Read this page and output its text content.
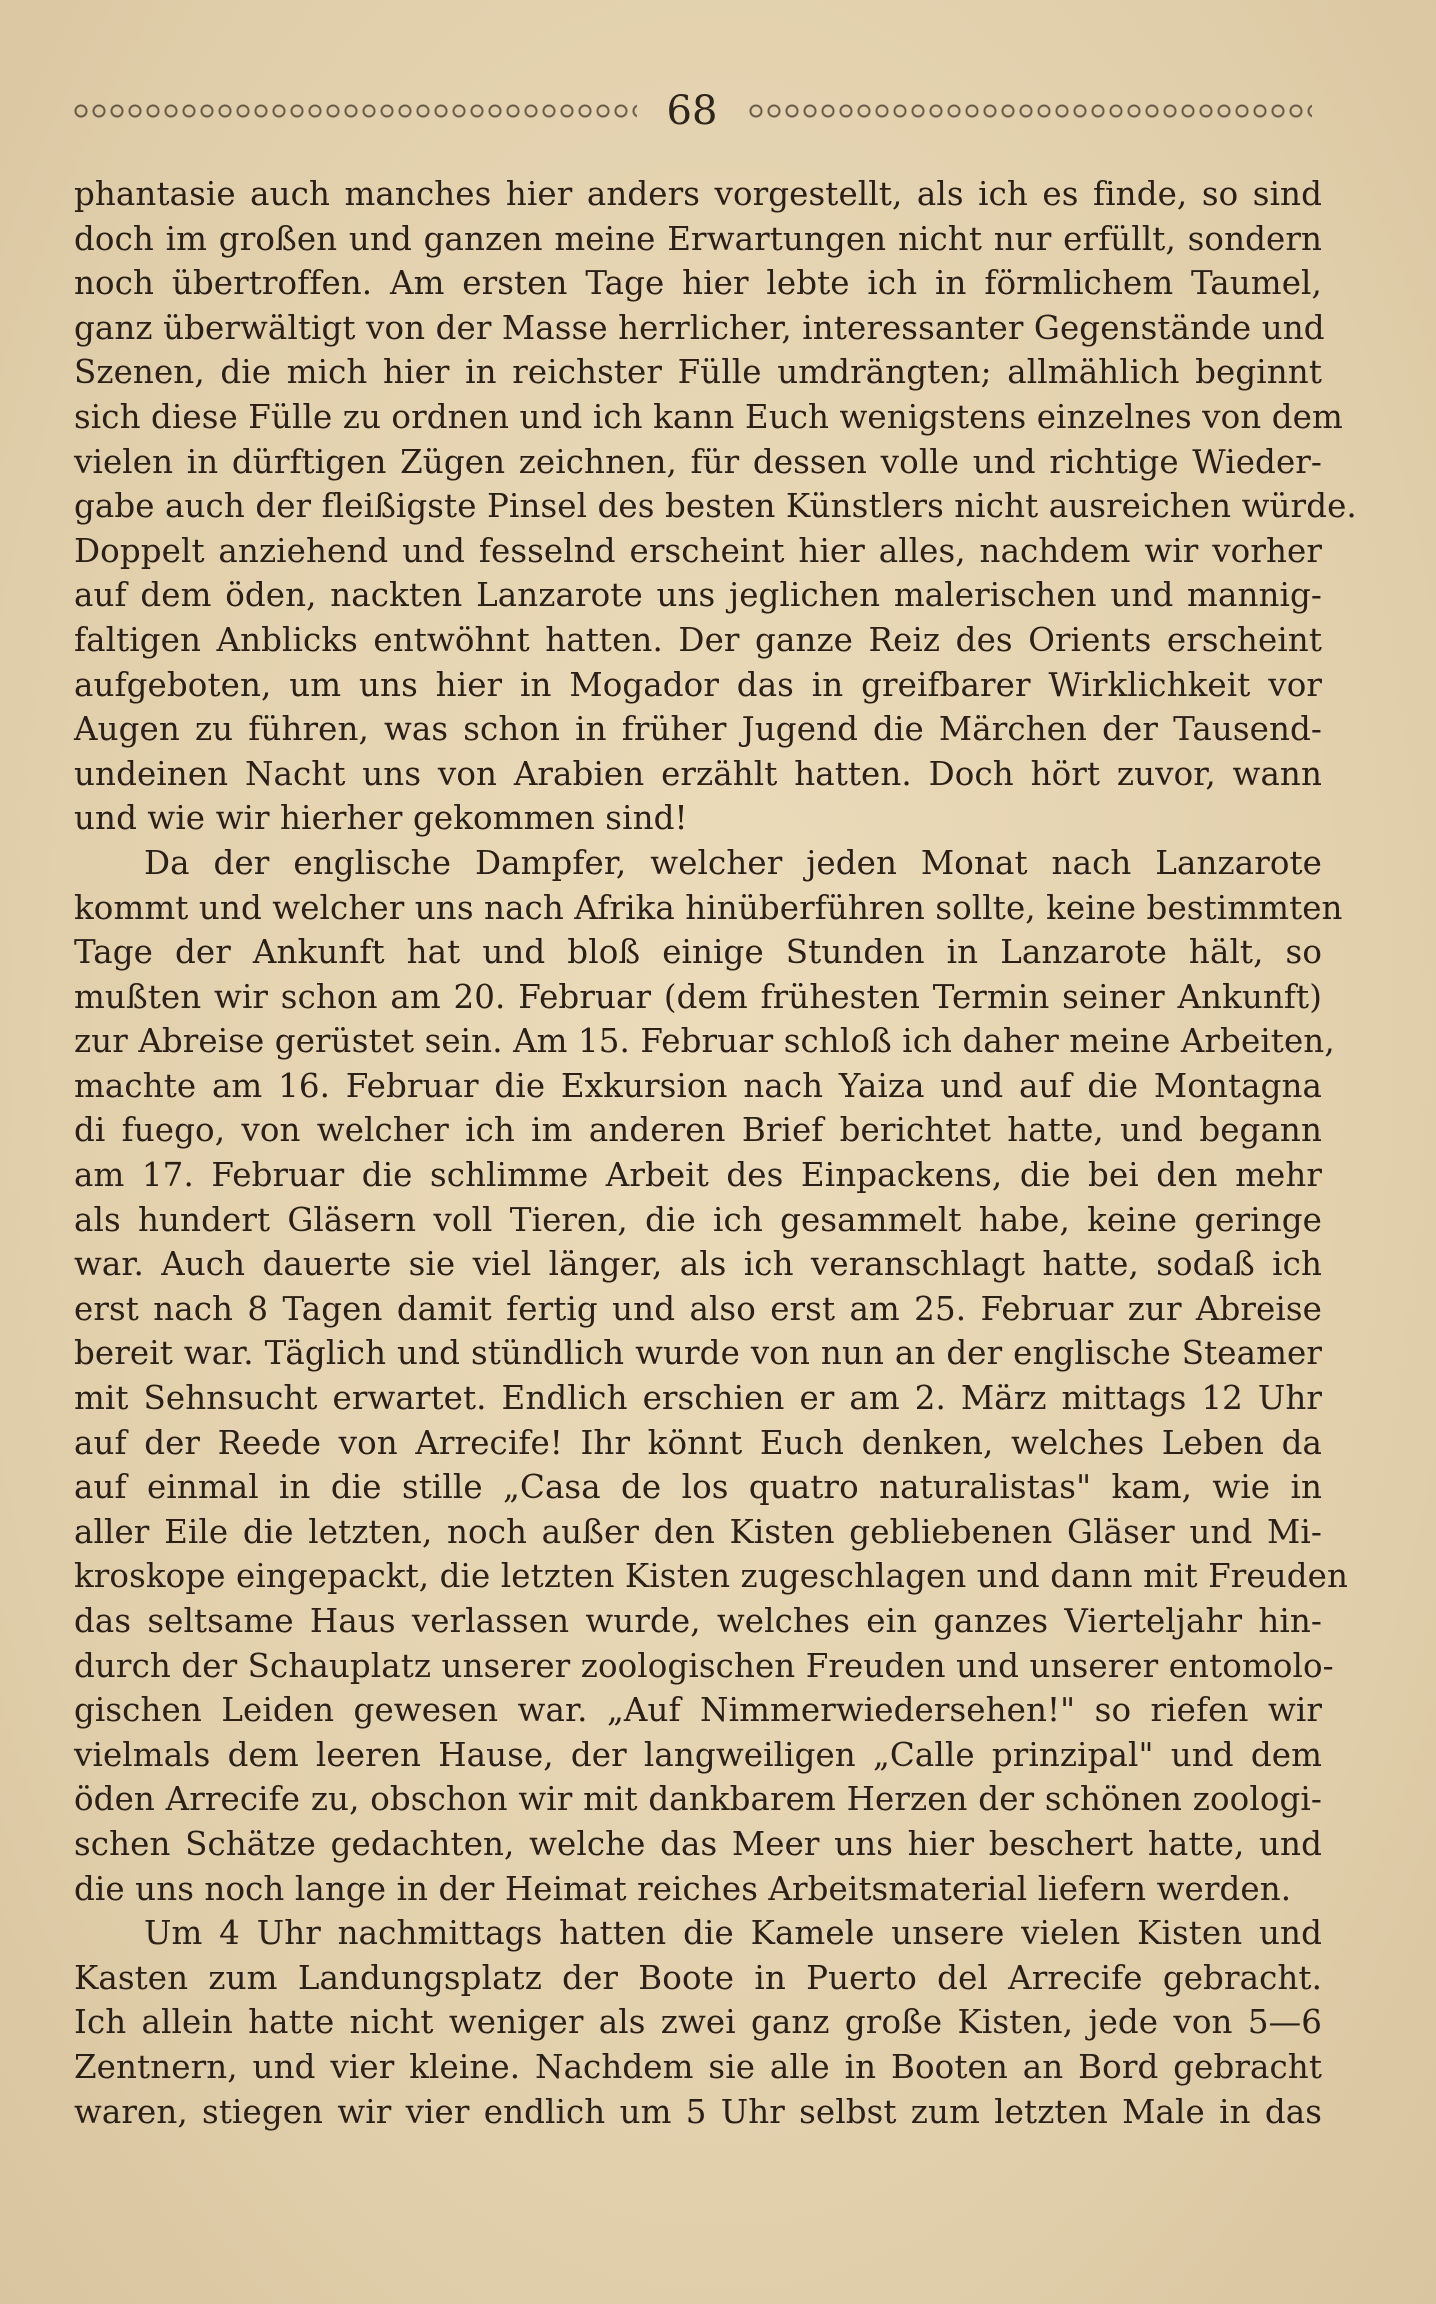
68
phantasie auch manches hier anders vorgestellt, als ich es finde, so sind
doch im großen und ganzen meine Erwartungen nicht nur erfüllt, sondern
noch übertroffen. Am ersten Tage hier lebte ich in förmlichem Taumel,
ganz überwältigt von der Masse herrlicher, interessanter Gegenstände und
Szenen, die mich hier in reichster Fülle umdrängten; allmählich beginnt
sich diese Fülle zu ordnen und ich kann Euch wenigstens einzelnes von dem
vielen in dürftigen Zügen zeichnen, für dessen volle und richtige Wieder-
gabe auch der fleißigste Pinsel des besten Künstlers nicht ausreichen würde.
Doppelt anziehend und fesselnd erscheint hier alles, nachdem wir vorher
auf dem öden, nackten Lanzarote uns jeglichen malerischen und mannig-
faltigen Anblicks entwöhnt hatten. Der ganze Reiz des Orients erscheint
aufgeboten, um uns hier in Mogador das in greifbarer Wirklichkeit vor
Augen zu führen, was schon in früher Jugend die Märchen der Tausend-
undeinen Nacht uns von Arabien erzählt hatten. Doch hört zuvor, wann
und wie wir hierher gekommen sind!
Da der englische Dampfer, welcher jeden Monat nach Lanzarote
kommt und welcher uns nach Afrika hinüberführen sollte, keine bestimmten
Tage der Ankunft hat und bloß einige Stunden in Lanzarote hält, so
mußten wir schon am 20. Februar (dem frühesten Termin seiner Ankunft)
zur Abreise gerüstet sein. Am 15. Februar schloß ich daher meine Arbeiten,
machte am 16. Februar die Exkursion nach Yaiza und auf die Montagna
di fuego, von welcher ich im anderen Brief berichtet hatte, und begann
am 17. Februar die schlimme Arbeit des Einpackens, die bei den mehr
als hundert Gläsern voll Tieren, die ich gesammelt habe, keine geringe
war. Auch dauerte sie viel länger, als ich veranschlagt hatte, sodaß ich
erst nach 8 Tagen damit fertig und also erst am 25. Februar zur Abreise
bereit war. Täglich und stündlich wurde von nun an der englische Steamer
mit Sehnsucht erwartet. Endlich erschien er am 2. März mittags 12 Uhr
auf der Reede von Arrecife! Ihr könnt Euch denken, welches Leben da
auf einmal in die stille „Casa de los quatro naturalistas" kam, wie in
aller Eile die letzten, noch außer den Kisten gebliebenen Gläser und Mi-
kroskope eingepackt, die letzten Kisten zugeschlagen und dann mit Freuden
das seltsame Haus verlassen wurde, welches ein ganzes Vierteljahr hin-
durch der Schauplatz unserer zoologischen Freuden und unserer entomolo-
gischen Leiden gewesen war. „Auf Nimmerwiedersehen!" so riefen wir
vielmals dem leeren Hause, der langweiligen „Calle prinzipal" und dem
öden Arrecife zu, obschon wir mit dankbarem Herzen der schönen zoologi-
schen Schätze gedachten, welche das Meer uns hier beschert hatte, und
die uns noch lange in der Heimat reiches Arbeitsmaterial liefern werden.
Um 4 Uhr nachmittags hatten die Kamele unsere vielen Kisten und
Kasten zum Landungsplatz der Boote in Puerto del Arrecife gebracht.
Ich allein hatte nicht weniger als zwei ganz große Kisten, jede von 5—6
Zentnern, und vier kleine. Nachdem sie alle in Booten an Bord gebracht
waren, stiegen wir vier endlich um 5 Uhr selbst zum letzten Male in das
